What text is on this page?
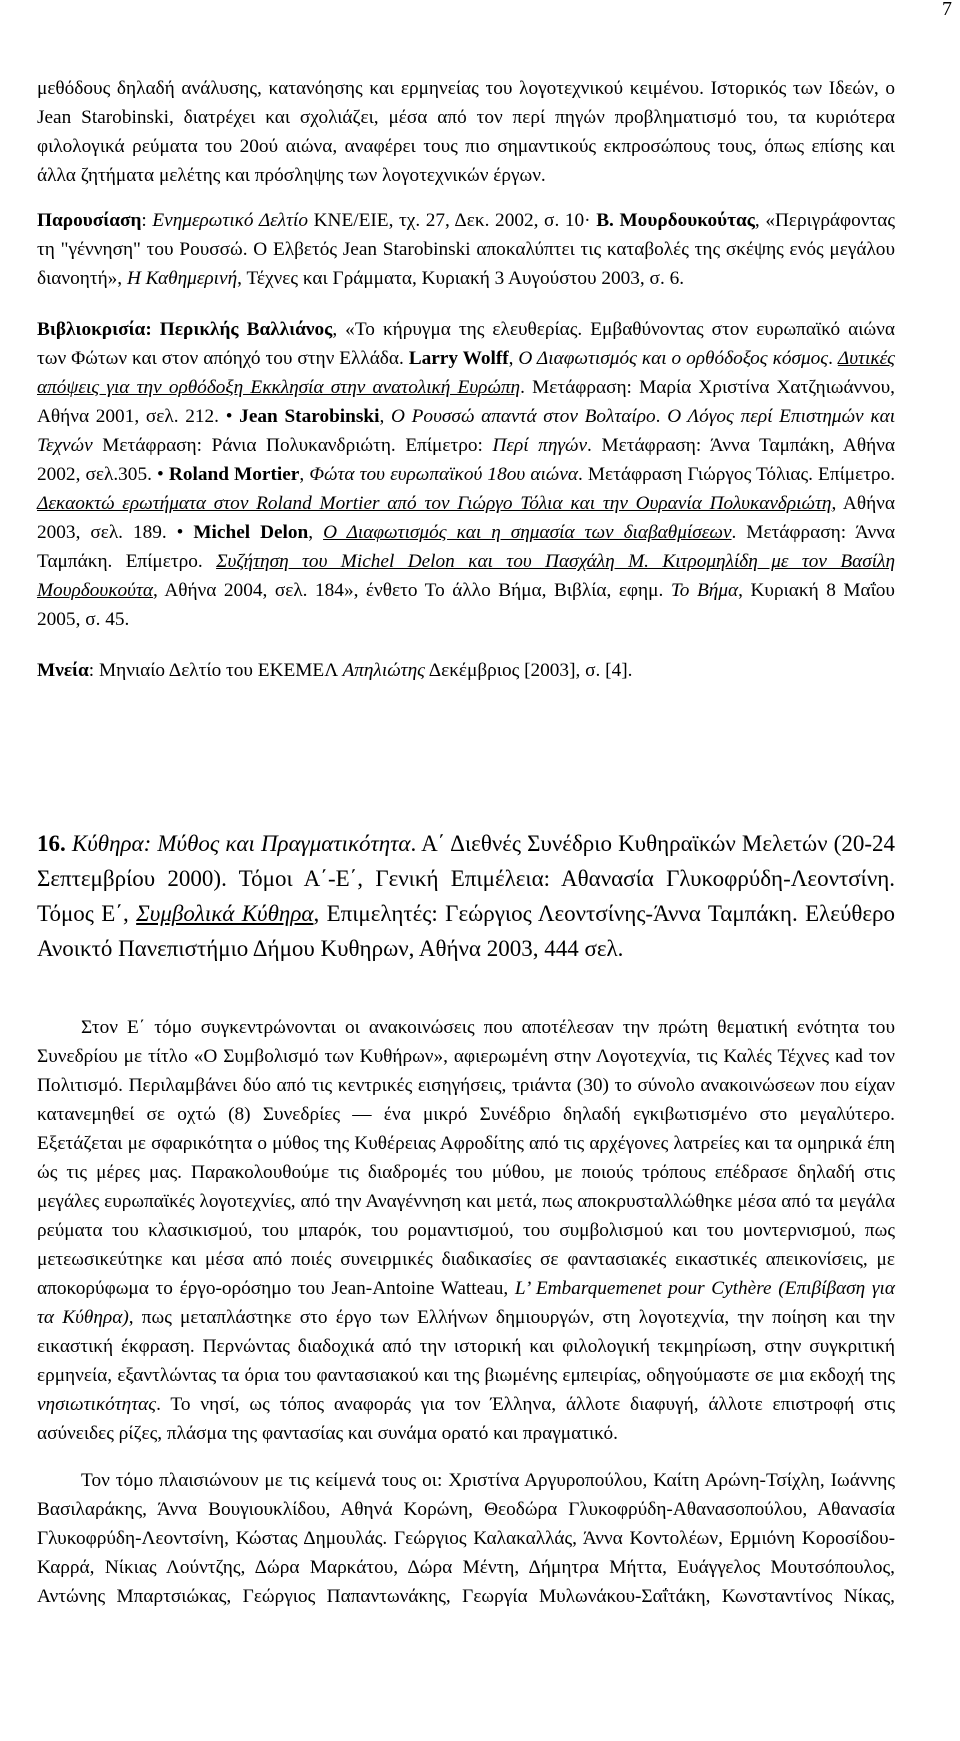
7

μεθόδους δηλαδή ανάλυσης, κατανόησης και ερμηνείας του λογοτεχνικού κειμένου. Ιστορικός των Ιδεών, ο Jean Starobinski, διατρέχει και σχολιάζει, μέσα από τον περί πηγών προβληματισμό του, τα κυριότερα φιλολογικά ρεύματα του 20ού αιώνα, αναφέρει τους πιο σημαντικούς εκπροσώπους τους, όπως επίσης και άλλα ζητήματα μελέτης και πρόσληψης των λογοτεχνικών έργων.

Παρουσίαση: Ενημερωτικό Δελτίο ΚΝΕ/ΕΙΕ, τχ. 27, Δεκ. 2002, σ. 10· Β. Μουρδουκούτας, «Περιγράφοντας τη "γέννηση" του Ρουσσώ. Ο Ελβετός Jean Starobinski αποκαλύπτει τις καταβολές της σκέψης ενός μεγάλου διανοητή», Η Καθημερινή, Τέχνες και Γράμματα, Κυριακή 3 Αυγούστου 2003, σ. 6.

Βιβλιοκρισία: Περικλής Βαλλιάνος, «Το κήρυγμα της ελευθερίας. Εμβαθύνοντας στον ευρωπαϊκό αιώνα των Φώτων και στον απόηχό του στην Ελλάδα. Larry Wolff, Ο Διαφωτισμός και ο ορθόδοξος κόσμος. Δυτικές απόψεις για την ορθόδοξη Εκκλησία στην ανατολική Ευρώπη. Μετάφραση: Μαρία Χριστίνα Χατζηιωάννου, Αθήνα 2001, σελ. 212. • Jean Starobinski, Ο Ρουσσώ απαντά στον Βολταίρο. Ο Λόγος περί Επιστημών και Τεχνών Μετάφραση: Ράνια Πολυκανδριώτη. Επίμετρο: Περί πηγών. Μετάφραση: Άννα Ταμπάκη, Αθήνα 2002, σελ.305. • Roland Mortier, Φώτα του ευρωπαϊκού 18ου αιώνα. Μετάφραση Γιώργος Τόλιας. Επίμετρο. Δεκαοκτώ ερωτήματα στον Roland Mortier από τον Γιώργο Τόλια και την Ουρανία Πολυκανδριώτη, Αθήνα 2003, σελ. 189. • Michel Delon, Ο Διαφωτισμός και η σημασία των διαβαθμίσεων. Μετάφραση: Άννα Ταμπάκη. Επίμετρο. Συζήτηση του Michel Delon και του Πασχάλη Μ. Κιτρομηλίδη με τον Βασίλη Μουρδουκούτα, Αθήνα 2004, σελ. 184», ένθετο Το άλλο Βήμα, Βιβλία, εφημ. Το Βήμα, Κυριακή 8 Μαΐου 2005, σ. 45.

Μνεία: Μηνιαίο Δελτίο του ΕΚΕΜΕΛ Απηλιώτης Δεκέμβριος [2003], σ. [4].

16. Κύθηρα: Μύθος και Πραγματικότητα. Α΄ Διεθνές Συνέδριο Κυθηραϊκών Μελετών (20-24 Σεπτεμβρίου 2000). Τόμοι Α΄-Ε΄, Γενική Επιμέλεια: Αθανασία Γλυκοφρύδη-Λεοντσίνη. Τόμος Ε΄, Συμβολικά Κύθηρα, Επιμελητές: Γεώργιος Λεοντσίνης-Άννα Ταμπάκη. Ελεύθερο Ανοικτό Πανεπιστήμιο Δήμου Κυθηρων, Αθήνα 2003, 444 σελ.

Στον Ε΄ τόμο συγκεντρώνονται οι ανακοινώσεις που αποτέλεσαν την πρώτη θεματική ενότητα του Συνεδρίου με τίτλο «Ο Συμβολισμό των Κυθήρων», αφιερωμένη στην Λογοτεχνία, τις Καλές Τέχνες κad τον Πολιτισμό. Περιλαμβάνει δύο από τις κεντρικές εισηγήσεις, τριάντα (30) το σύνολο ανακοινώσεων που είχαν κατανεμηθεί σε οχτώ (8) Συνεδρίες — ένα μικρό Συνέδριο δηλαδή εγκιβωτισμένο στο μεγαλύτερο. Εξετάζεται με σφαρικότητα ο μύθος της Κυθέρειας Αφροδίτης από τις αρχέγονες λατρείες και τα ομηρικά έπη ώς τις μέρες μας. Παρακολουθούμε τις διαδρομές του μύθου, με ποιούς τρόπους επέδρασε δηλαδή στις μεγάλες ευρωπαϊκές λογοτεχνίες, από την Αναγέννηση και μετά, πως αποκρυσταλλώθηκε μέσα από τα μεγάλα ρεύματα του κλασικισμού, του μπαρόκ, του ρομαντισμού, του συμβολισμού και του μοντερνισμού, πως μετεωσικεύτηκε και μέσα από ποιές συνειρμικές διαδικασίες σε φαντασιακές εικαστικές απεικονίσεις, με αποκορύφωμα το έργο-ορόσημο του Jean-Antoine Watteau, L’ Embarquemenet pour Cythère (Επιβίβαση για τα Κύθηρα), πως μεταπλάστηκε στο έργο των Ελλήνων δημιουργών, στη λογοτεχνία, την ποίηση και την εικαστική έκφραση. Περνώντας διαδοχικά από την ιστορική και φιλολογική τεκμηρίωση, στην συγκριτική ερμηνεία, εξαντλώντας τα όρια του φαντασιακού και της βιωμένης εμπειρίας, οδηγούμαστε σε μια εκδοχή της νησιωτικότητας. Το νησί, ως τόπος αναφοράς για τον Έλληνα, άλλοτε διαφυγή, άλλοτε επιστροφή στις ασύνειδες ρίζες, πλάσμα της φαντασίας και συνάμα ορατό και πραγματικό.

Τον τόμο πλαισιώνουν με τις κείμενά τους οι: Χριστίνα Αργυροπούλου, Καίτη Αρώνη-Τσίχλη, Ιωάννης Βασιλαράκης, Άννα Βουγιουκλίδου, Αθηνά Κορώνη, Θεοδώρα Γλυκοφρύδη-Αθανασοπούλου, Αθανασία Γλυκοφρύδη-Λεοντσίνη, Κώστας Δημουλάς. Γεώργιος Καλακαλλάς, Άννα Κοντολέων, Ερμιόνη Κοροσίδου-Καρρά, Νίκιας Λούντζης, Δώρα Μαρκάτου, Δώρα Μέντη, Δήμητρα Μήττα, Ευάγγελος Μουτσόπουλος, Αντώνης Μπαρτσιώκας, Γεώργιος Παπαντωνάκης, Γεωργία Μυλωνάκου-Σαΐτάκη, Κωνσταντίνος Νίκας,
